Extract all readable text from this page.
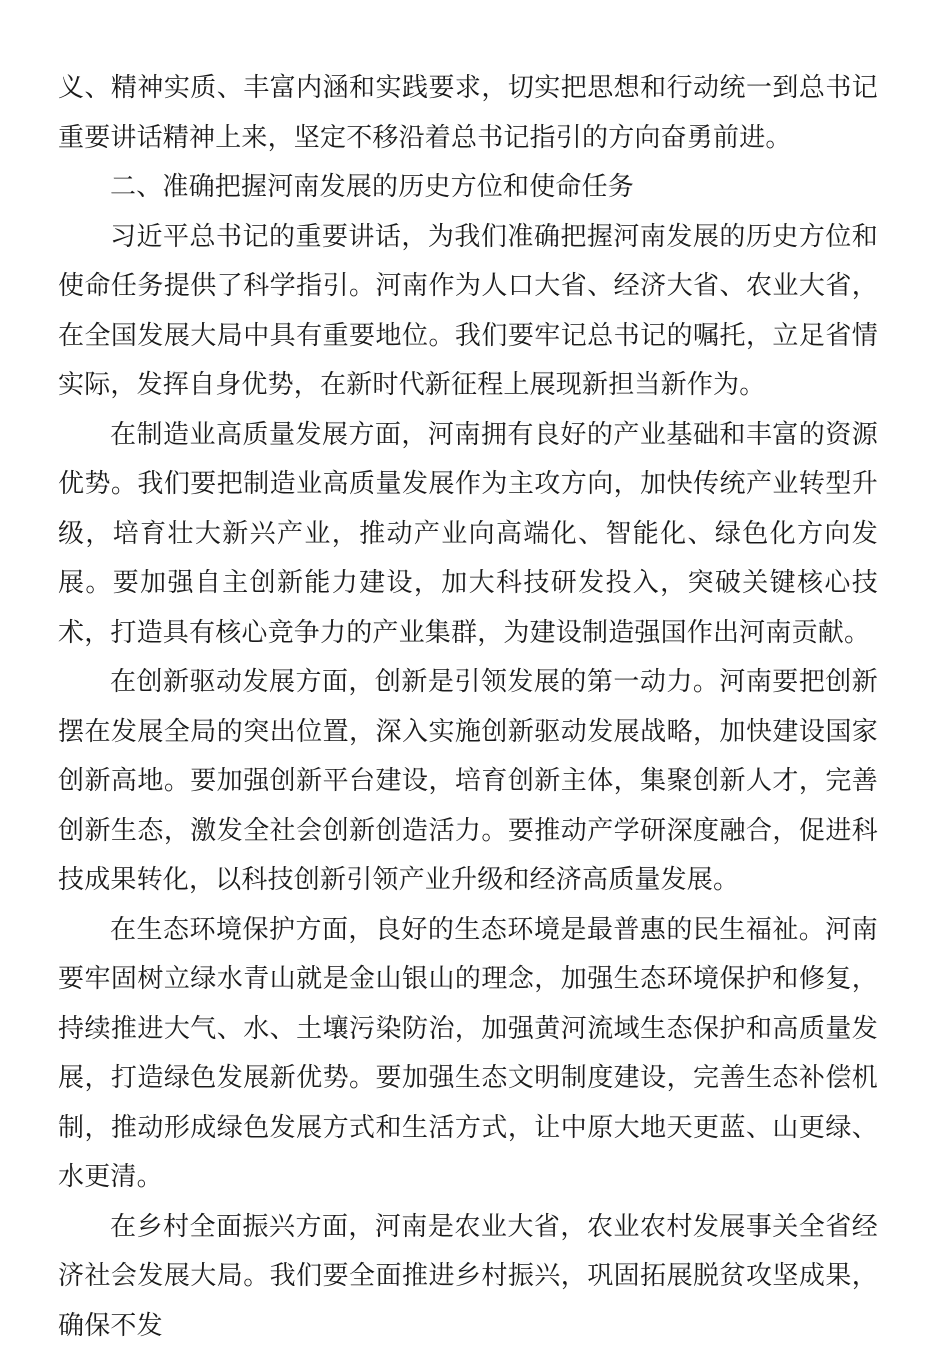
义、精神实质、丰富内涵和实践要求，切实把思想和行动统一到总书记重要讲话精神上来，坚定不移沿着总书记指引的方向奋勇前进。

二、准确把握河南发展的历史方位和使命任务

习近平总书记的重要讲话，为我们准确把握河南发展的历史方位和使命任务提供了科学指引。河南作为人口大省、经济大省、农业大省，在全国发展大局中具有重要地位。我们要牢记总书记的嘱托，立足省情实际，发挥自身优势，在新时代新征程上展现新担当新作为。

在制造业高质量发展方面，河南拥有良好的产业基础和丰富的资源优势。我们要把制造业高质量发展作为主攻方向，加快传统产业转型升级，培育壮大新兴产业，推动产业向高端化、智能化、绿色化方向发展。要加强自主创新能力建设，加大科技研发投入，突破关键核心技术，打造具有核心竞争力的产业集群，为建设制造强国作出河南贡献。

在创新驱动发展方面，创新是引领发展的第一动力。河南要把创新摆在发展全局的突出位置，深入实施创新驱动发展战略，加快建设国家创新高地。要加强创新平台建设，培育创新主体，集聚创新人才，完善创新生态，激发全社会创新创造活力。要推动产学研深度融合，促进科技成果转化，以科技创新引领产业升级和经济高质量发展。

在生态环境保护方面，良好的生态环境是最普惠的民生福祉。河南要牢固树立绿水青山就是金山银山的理念，加强生态环境保护和修复，持续推进大气、水、土壤污染防治，加强黄河流域生态保护和高质量发展，打造绿色发展新优势。要加强生态文明制度建设，完善生态补偿机制，推动形成绿色发展方式和生活方式，让中原大地天更蓝、山更绿、水更清。

在乡村全面振兴方面，河南是农业大省，农业农村发展事关全省经济社会发展大局。我们要全面推进乡村振兴，巩固拓展脱贫攻坚成果，确保不发
